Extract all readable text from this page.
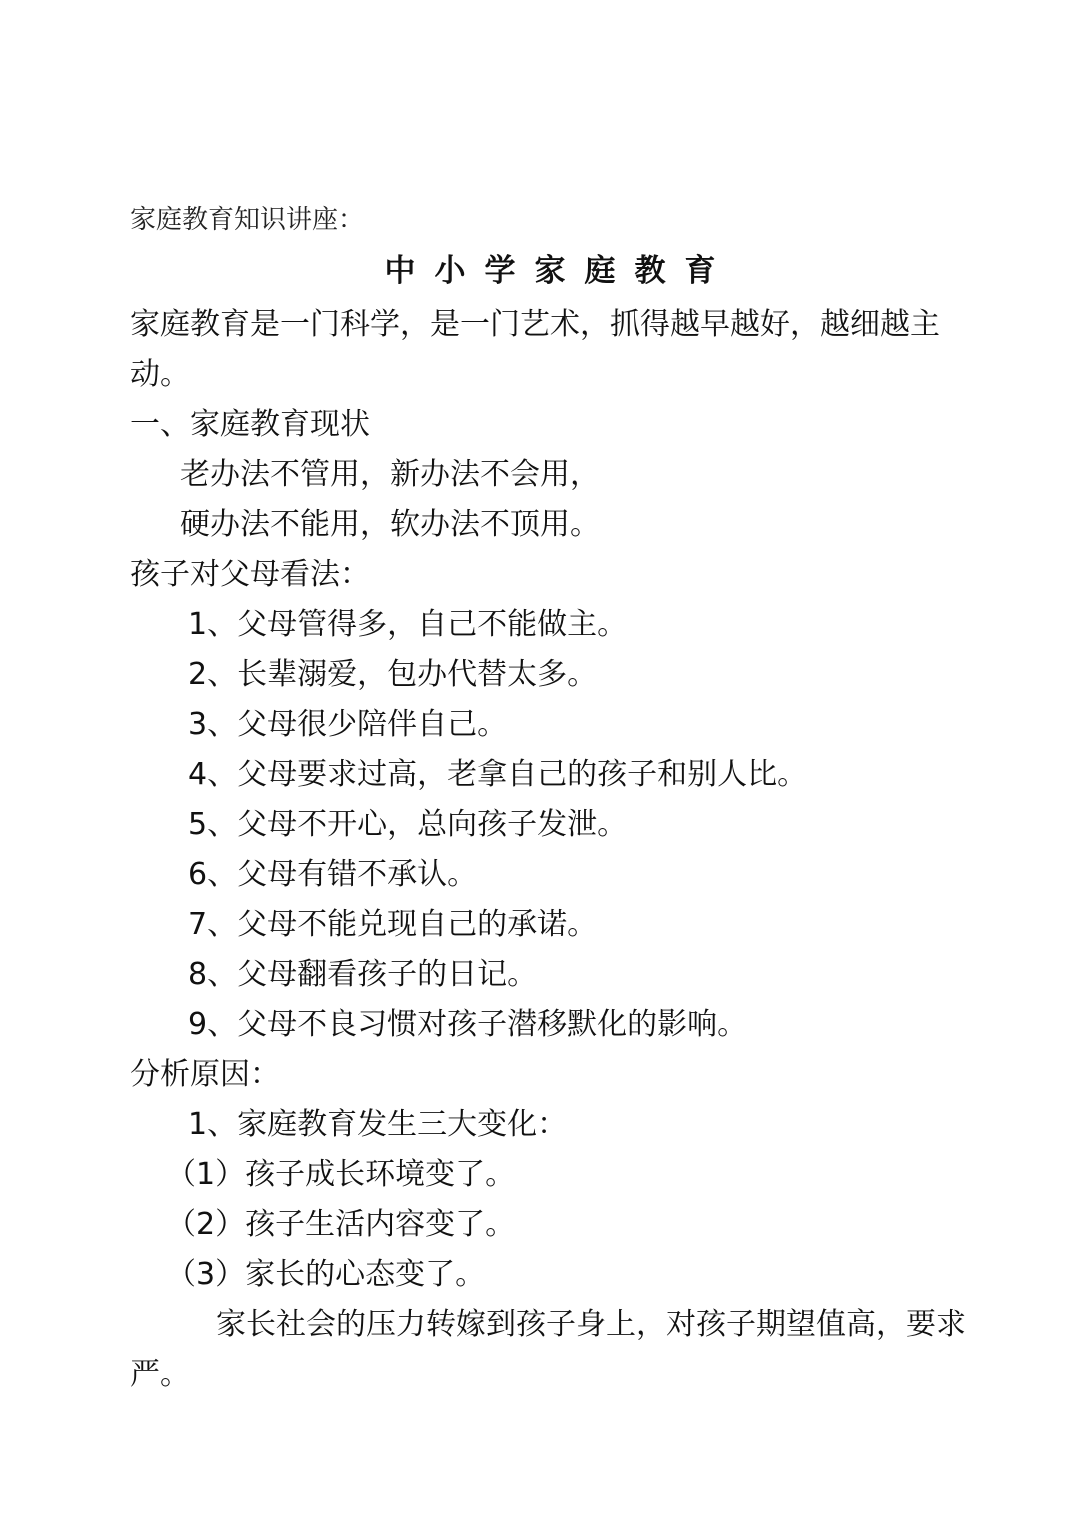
家庭教育知识讲座：

中小学家庭教育

家庭教育是一门科学，是一门艺术，抓得越早越好，越细越主动。

一、家庭教育现状

老办法不管用，新办法不会用，

硬办法不能用，软办法不顶用。

孩子对父母看法：

1、父母管得多，自己不能做主。

2、长辈溺爱，包办代替太多。

3、父母很少陪伴自己。

4、父母要求过高，老拿自己的孩子和别人比。

5、父母不开心，总向孩子发泄。

6、父母有错不承认。

7、父母不能兑现自己的承诺。

8、父母翻看孩子的日记。

9、父母不良习惯对孩子潜移默化的影响。

分析原因：

1、家庭教育发生三大变化：

（1）孩子成长环境变了。

（2）孩子生活内容变了。

（3）家长的心态变了。

家长社会的压力转嫁到孩子身上，对孩子期望值高，要求严。
